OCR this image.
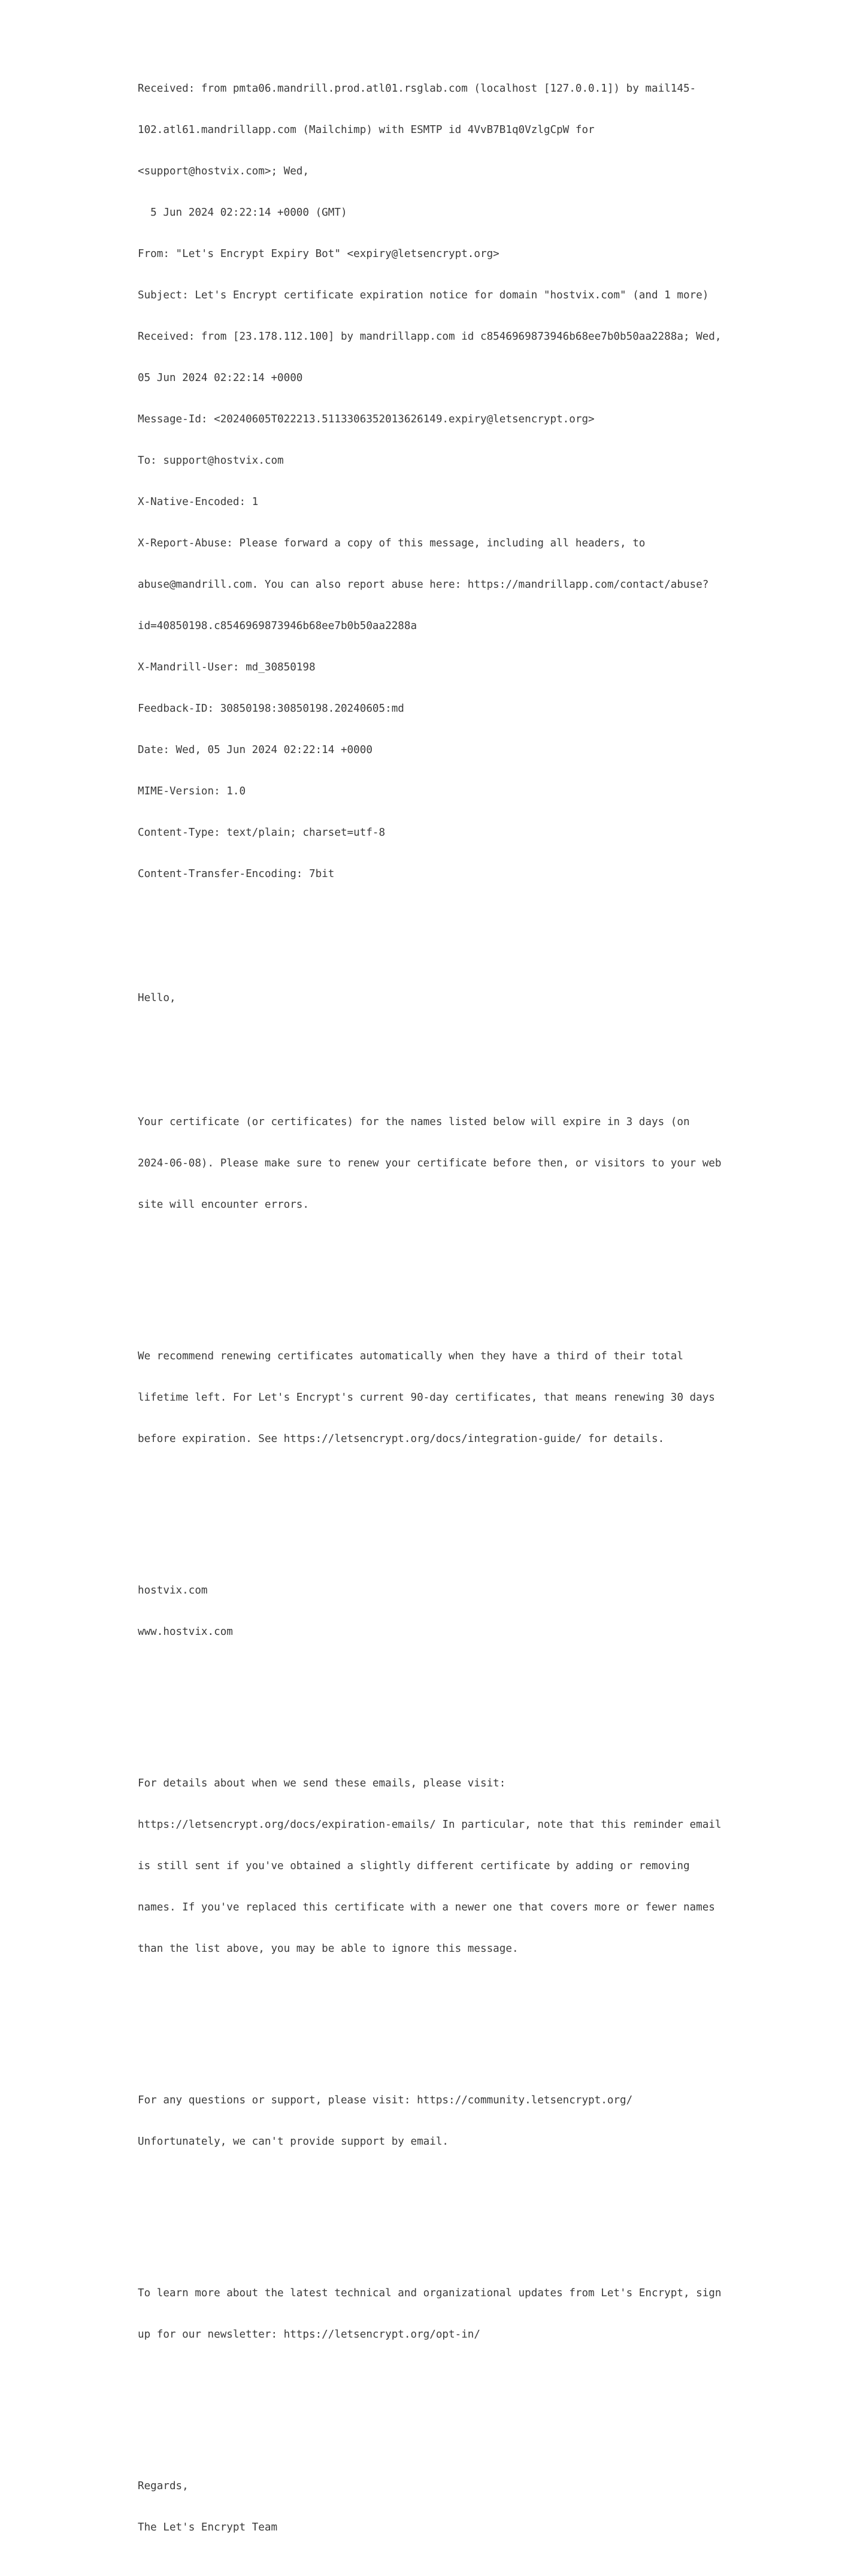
Received: from pmta06.mandrill.prod.atl01.rsglab.com (localhost [127.0.0.1]) by mail145-

102.atl61.mandrillapp.com (Mailchimp) with ESMTP id 4VvB7B1q0VzlgCpW for

<support@hostvix.com>; Wed,

5 Jun 2024 02:22:14 +0000 (GMT)

From: "Let's Encrypt Expiry Bot" <expiry@letsencrypt.org>

Subject: Let's Encrypt certificate expiration notice for domain "hostvix.com" (and 1 more)

Received: from [23.178.112.100] by mandrillapp.com id c8546969873946b68ee7b0b50aa2288a; Wed,

05 Jun 2024 02:22:14 +0000

Message-Id: <20240605T022213.511330635201362614​9.expiry@letsencrypt.org>

To: support@hostvix.com

X-Native-Encoded: 1

X-Report-Abuse: Please forward a copy of this message, including all headers, to

abuse@mandrill.com. You can also report abuse here: https://mandrillapp.com/contact/abuse?

id=40850198.c8546969873946b68ee7b0b50aa2288a

X-Mandrill-User: md_30850198

Feedback-ID: 30850198:30850198.20240605:md

Date: Wed, 05 Jun 2024 02:22:14 +0000

MIME-Version: 1.0

Content-Type: text/plain; charset=utf-8

Content-Transfer-Encoding: 7bit

Hello,

Your certificate (or certificates) for the names listed below will expire in 3 days (on

2024-06-08). Please make sure to renew your certificate before then, or visitors to your web

site will encounter errors.

We recommend renewing certificates automatically when they have a third of their total

lifetime left. For Let's Encrypt's current 90-day certificates, that means renewing 30 days

before expiration. See https://letsencrypt.org/docs/integration-guide/ for details.

hostvix.com

www.hostvix.com

For details about when we send these emails, please visit:

https://letsencrypt.org/docs/expiration-emails/ In particular, note that this reminder email

is still sent if you've obtained a slightly different certificate by adding or removing

names. If you've replaced this certificate with a newer one that covers more or fewer names

than the list above, you may be able to ignore this message.

For any questions or support, please visit: https://community.letsencrypt.org/

Unfortunately, we can't provide support by email.

To learn more about the latest technical and organizational updates from Let's Encrypt, sign

up for our newsletter: https://letsencrypt.org/opt-in/

Regards,

The Let's Encrypt Team
